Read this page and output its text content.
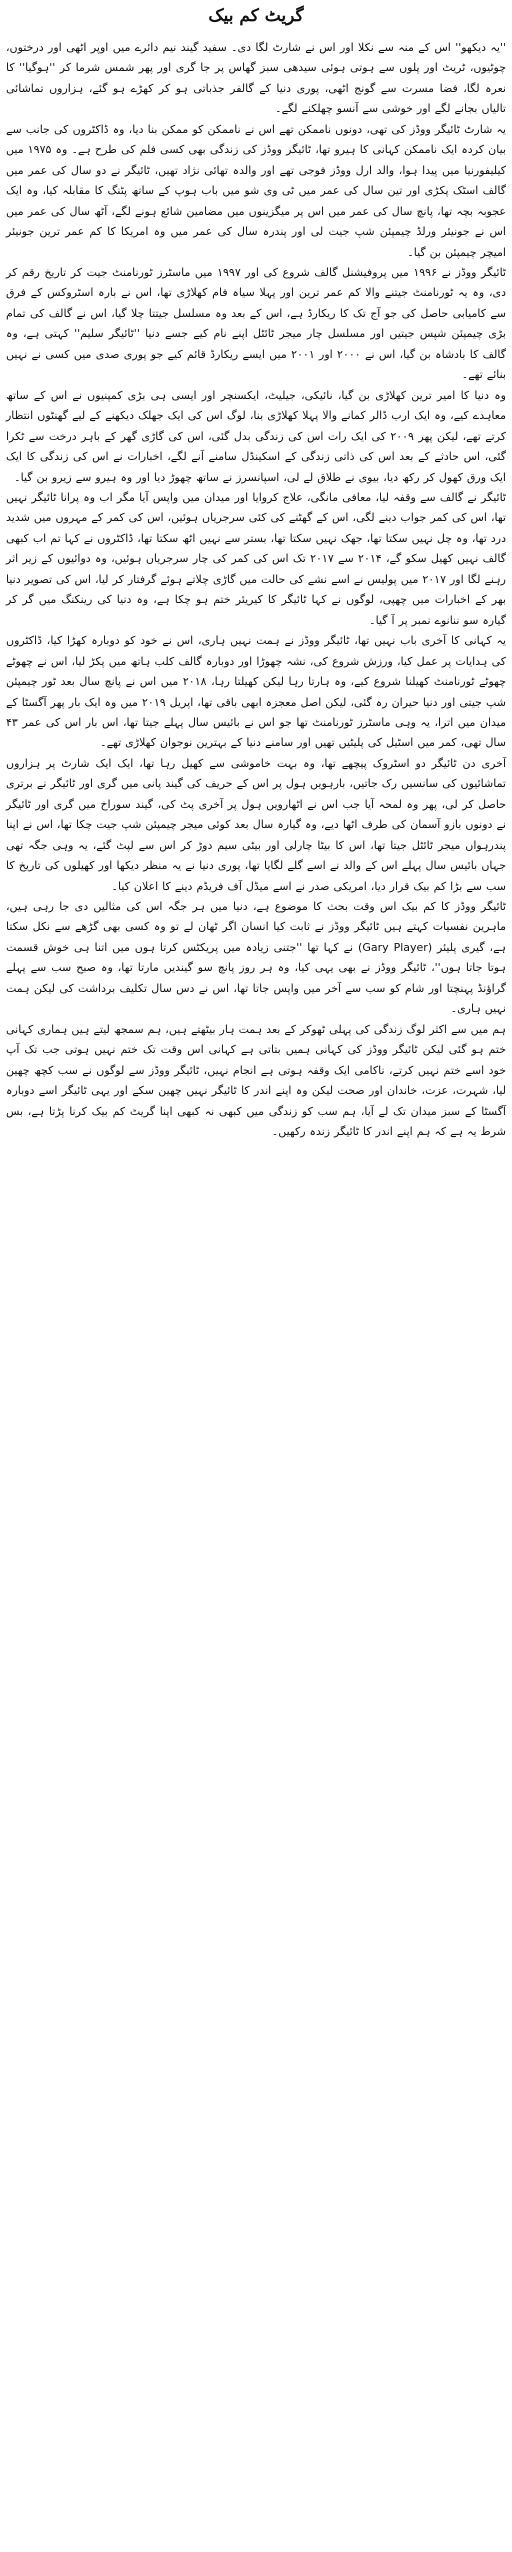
گریٹ کم بیک

''یہ دیکھو'' اس کے منہ سے نکلا اور اس نے شارٹ لگا دی۔ سفید گیند نیم دائرے میں اوپر اٹھی اور درختوں، چوٹیوں، ٹریٹ اور پلوں سے ہوتی ہوئی سیدھی سبز گھاس پر جا گری اور پھر شمس شرما کر ''ہوگیا'' کا نعرہ لگا، فضا مسرت سے گونج اٹھی، پوری دنیا کے گالفر جذباتی ہو کر کھڑے ہو گئے، ہزاروں تماشائی تالیاں بجانے لگے اور خوشی سے آنسو چھلکنے لگے۔

یہ شارٹ ٹائیگر ووڈز کی تھی، دونوں ناممکن تھے اس نے ناممکن کو ممکن بنا دیا، وہ ڈاکٹروں کی جانب سے بیان کردہ ایک ناممکن کہانی کا ہیرو تھا، ٹائیگر ووڈز کی زندگی بھی کسی فلم کی طرح ہے۔ وہ ۱۹۷۵ میں کیلیفورنیا میں پیدا ہوا، والد ارل ووڈز فوجی تھے اور والدہ تھائی نژاد تھیں، ٹائیگر نے دو سال کی عمر میں گالف اسٹک پکڑی اور تین سال کی عمر میں ٹی وی شو میں باب ہوپ کے ساتھ پٹنگ کا مقابلہ کیا، وہ ایک عجوبہ بچہ تھا، پانچ سال کی عمر میں اس پر میگزینوں میں مضامین شائع ہونے لگے، آٹھ سال کی عمر میں اس نے جونیئر ورلڈ چیمپئن شپ جیت لی اور پندرہ سال کی عمر میں وہ امریکا کا کم عمر ترین جونیئر امیچر چیمپئن بن گیا۔

ٹائیگر ووڈز نے ۱۹۹۶ میں پروفیشنل گالف شروع کی اور ۱۹۹۷ میں ماسٹرز ٹورنامنٹ جیت کر تاریخ رقم کر دی، وہ یہ ٹورنامنٹ جیتنے والا کم عمر ترین اور پہلا سیاہ فام کھلاڑی تھا، اس نے بارہ اسٹروکس کے فرق سے کامیابی حاصل کی جو آج تک کا ریکارڈ ہے، اس کے بعد وہ مسلسل جیتتا چلا گیا، اس نے گالف کی تمام بڑی چیمپئن شپس جیتیں اور مسلسل چار میجر ٹائٹل اپنے نام کیے جسے دنیا ''ٹائیگر سلیم'' کہتی ہے، وہ گالف کا بادشاہ بن گیا، اس نے ۲۰۰۰ اور ۲۰۰۱ میں ایسے ریکارڈ قائم کیے جو پوری صدی میں کسی نے نہیں بنائے تھے۔

وہ دنیا کا امیر ترین کھلاڑی بن گیا، نائیکی، جیلیٹ، ایکسنچر اور ایسی ہی بڑی کمپنیوں نے اس کے ساتھ معاہدے کیے، وہ ایک ارب ڈالر کمانے والا پہلا کھلاڑی بنا، لوگ اس کی ایک جھلک دیکھنے کے لیے گھنٹوں انتظار کرتے تھے، لیکن پھر ۲۰۰۹ کی ایک رات اس کی زندگی بدل گئی، اس کی گاڑی گھر کے باہر درخت سے ٹکرا گئی، اس حادثے کے بعد اس کی ذاتی زندگی کے اسکینڈل سامنے آنے لگے، اخبارات نے اس کی زندگی کا ایک ایک ورق کھول کر رکھ دیا، بیوی نے طلاق لے لی، اسپانسرز نے ساتھ چھوڑ دیا اور وہ ہیرو سے زیرو بن گیا۔

ٹائیگر نے گالف سے وقفہ لیا، معافی مانگی، علاج کروایا اور میدان میں واپس آیا مگر اب وہ پرانا ٹائیگر نہیں تھا، اس کی کمر جواب دینے لگی، اس کے گھٹنے کی کئی سرجریاں ہوئیں، اس کی کمر کے مہروں میں شدید درد تھا، وہ چل نہیں سکتا تھا، جھک نہیں سکتا تھا، بستر سے نہیں اٹھ سکتا تھا، ڈاکٹروں نے کہا تم اب کبھی گالف نہیں کھیل سکو گے، ۲۰۱۴ سے ۲۰۱۷ تک اس کی کمر کی چار سرجریاں ہوئیں، وہ دوائیوں کے زیر اثر رہنے لگا اور ۲۰۱۷ میں پولیس نے اسے نشے کی حالت میں گاڑی چلاتے ہوئے گرفتار کر لیا، اس کی تصویر دنیا بھر کے اخبارات میں چھپی، لوگوں نے کہا ٹائیگر کا کیریئر ختم ہو چکا ہے، وہ دنیا کی رینکنگ میں گر کر گیارہ سو ننانوے نمبر پر آ گیا۔

یہ کہانی کا آخری باب نہیں تھا، ٹائیگر ووڈز نے ہمت نہیں ہاری، اس نے خود کو دوبارہ کھڑا کیا، ڈاکٹروں کی ہدایات پر عمل کیا، ورزش شروع کی، نشہ چھوڑا اور دوبارہ گالف کلب ہاتھ میں پکڑ لیا، اس نے چھوٹے چھوٹے ٹورنامنٹ کھیلنا شروع کیے، وہ ہارتا رہا لیکن کھیلتا رہا، ۲۰۱۸ میں اس نے پانچ سال بعد ٹور چیمپئن شپ جیتی اور دنیا حیران رہ گئی، لیکن اصل معجزہ ابھی باقی تھا، اپریل ۲۰۱۹ میں وہ ایک بار پھر آگسٹا کے میدان میں اترا، یہ وہی ماسٹرز ٹورنامنٹ تھا جو اس نے بائیس سال پہلے جیتا تھا، اس بار اس کی عمر ۴۳ سال تھی، کمر میں اسٹیل کی پلیٹیں تھیں اور سامنے دنیا کے بہترین نوجوان کھلاڑی تھے۔

آخری دن ٹائیگر دو اسٹروک پیچھے تھا، وہ بہت خاموشی سے کھیل رہا تھا، ایک ایک شارٹ پر ہزاروں تماشائیوں کی سانسیں رک جاتیں، بارہویں ہول پر اس کے حریف کی گیند پانی میں گری اور ٹائیگر نے برتری حاصل کر لی، پھر وہ لمحہ آیا جب اس نے اٹھارویں ہول پر آخری پٹ کی، گیند سوراخ میں گری اور ٹائیگر نے دونوں بازو آسمان کی طرف اٹھا دیے، وہ گیارہ سال بعد کوئی میجر چیمپئن شپ جیت چکا تھا، اس نے اپنا پندرہواں میجر ٹائٹل جیتا تھا، اس کا بیٹا چارلی اور بیٹی سیم دوڑ کر اس سے لپٹ گئے، یہ وہی جگہ تھی جہاں بائیس سال پہلے اس کے والد نے اسے گلے لگایا تھا، پوری دنیا نے یہ منظر دیکھا اور کھیلوں کی تاریخ کا سب سے بڑا کم بیک قرار دیا، امریکی صدر نے اسے میڈل آف فریڈم دینے کا اعلان کیا۔

ٹائیگر ووڈز کا کم بیک اس وقت بحث کا موضوع ہے، دنیا میں ہر جگہ اس کی مثالیں دی جا رہی ہیں، ماہرین نفسیات کہتے ہیں ٹائیگر ووڈز نے ثابت کیا انسان اگر ٹھان لے تو وہ کسی بھی گڑھے سے نکل سکتا ہے، گیری پلیئر (Gary Player) نے کہا تھا ''جتنی زیادہ میں پریکٹس کرتا ہوں میں اتنا ہی خوش قسمت ہوتا جاتا ہوں''، ٹائیگر ووڈز نے بھی یہی کیا، وہ ہر روز پانچ سو گیندیں مارتا تھا، وہ صبح سب سے پہلے گراؤنڈ پہنچتا اور شام کو سب سے آخر میں واپس جاتا تھا، اس نے دس سال تکلیف برداشت کی لیکن ہمت نہیں ہاری۔

ہم میں سے اکثر لوگ زندگی کی پہلی ٹھوکر کے بعد ہمت ہار بیٹھتے ہیں، ہم سمجھ لیتے ہیں ہماری کہانی ختم ہو گئی لیکن ٹائیگر ووڈز کی کہانی ہمیں بتاتی ہے کہانی اس وقت تک ختم نہیں ہوتی جب تک آپ خود اسے ختم نہیں کرتے، ناکامی ایک وقفہ ہوتی ہے انجام نہیں، ٹائیگر ووڈز سے لوگوں نے سب کچھ چھین لیا، شہرت، عزت، خاندان اور صحت لیکن وہ اپنے اندر کا ٹائیگر نہیں چھین سکے اور یہی ٹائیگر اسے دوبارہ آگسٹا کے سبز میدان تک لے آیا، ہم سب کو زندگی میں کبھی نہ کبھی اپنا گریٹ کم بیک کرنا پڑتا ہے، بس شرط یہ ہے کہ ہم اپنے اندر کا ٹائیگر زندہ رکھیں۔
